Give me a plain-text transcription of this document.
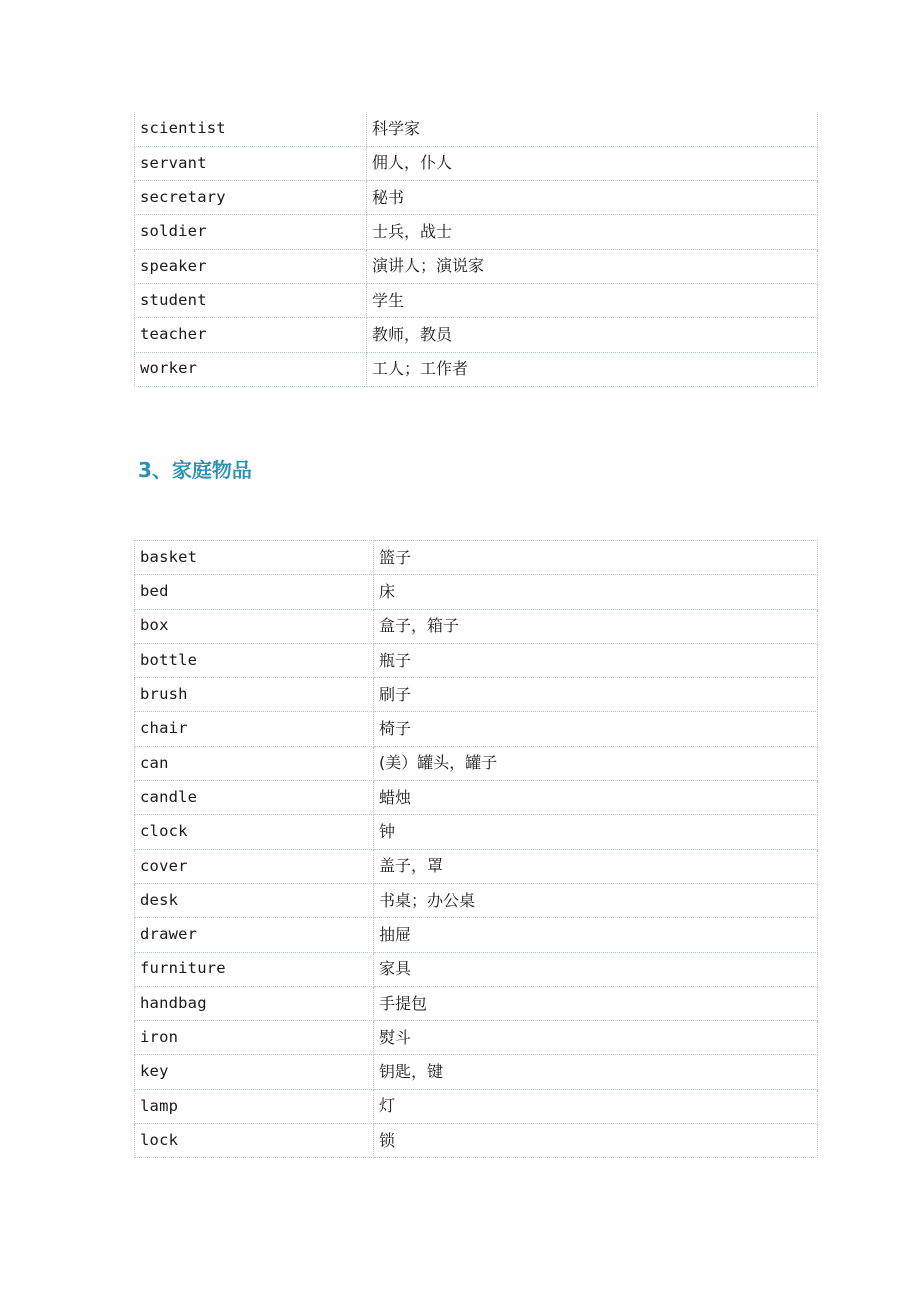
scientist	科学家
servant	佣人，仆人
secretary	秘书
soldier	士兵，战士
speaker	演讲人；演说家
student	学生
teacher	教师，教员
worker	工人；工作者
3、家庭物品
basket	篮子
bed	床
box	盒子，箱子
bottle	瓶子
brush	刷子
chair	椅子
can	(美）罐头，罐子
candle	蜡烛
clock	钟
cover	盖子，罩
desk	书桌；办公桌
drawer	抽屉
furniture	家具
handbag	手提包
iron	熨斗
key	钥匙，键
lamp	灯
lock	锁
